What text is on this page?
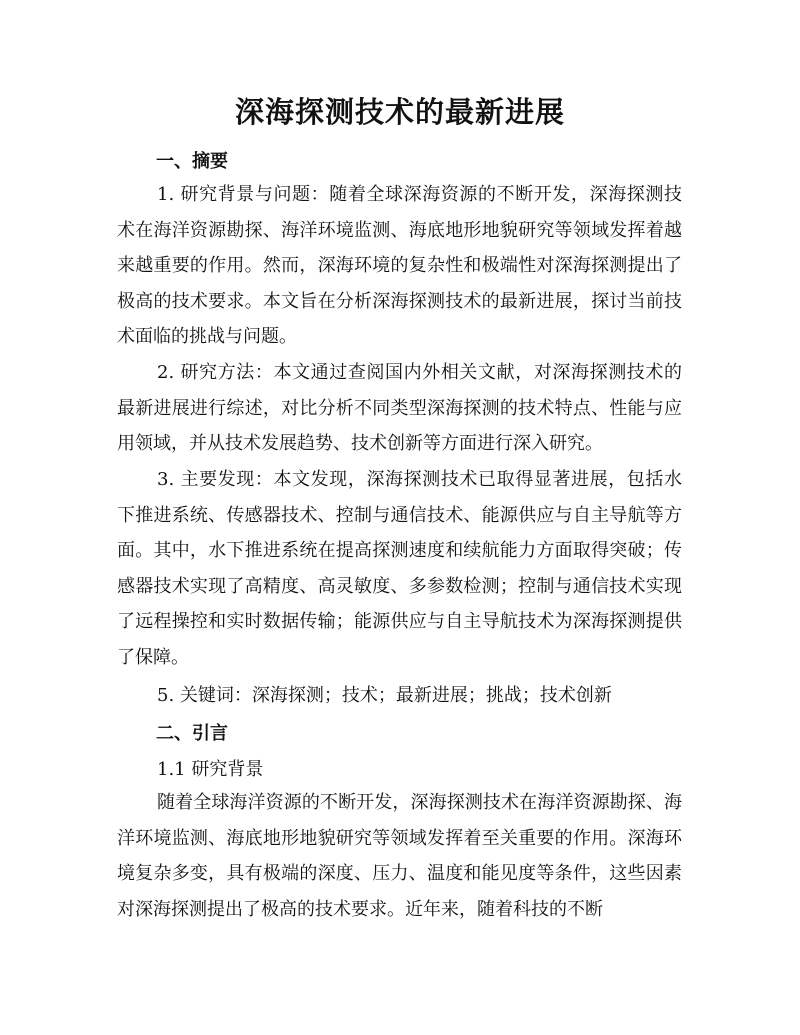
深海探测技术的最新进展
一、摘要

1. 研究背景与问题：随着全球深海资源的不断开发，深海探测技术在海洋资源勘探、海洋环境监测、海底地形地貌研究等领域发挥着越来越重要的作用。然而，深海环境的复杂性和极端性对深海探测提出了极高的技术要求。本文旨在分析深海探测技术的最新进展，探讨当前技术面临的挑战与问题。

2. 研究方法：本文通过查阅国内外相关文献，对深海探测技术的最新进展进行综述，对比分析不同类型深海探测的技术特点、性能与应用领域，并从技术发展趋势、技术创新等方面进行深入研究。

3. 主要发现：本文发现，深海探测技术已取得显著进展，包括水下推进系统、传感器技术、控制与通信技术、能源供应与自主导航等方面。其中，水下推进系统在提高探测速度和续航能力方面取得突破；传感器技术实现了高精度、高灵敏度、多参数检测；控制与通信技术实现了远程操控和实时数据传输；能源供应与自主导航技术为深海探测提供了保障。

5. 关键词：深海探测；技术；最新进展；挑战；技术创新
二、引言
1.1 研究背景

随着全球海洋资源的不断开发，深海探测技术在海洋资源勘探、海洋环境监测、海底地形地貌研究等领域发挥着至关重要的作用。深海环境复杂多变，具有极端的深度、压力、温度和能见度等条件，这些因素对深海探测提出了极高的技术要求。近年来，随着科技的不断
